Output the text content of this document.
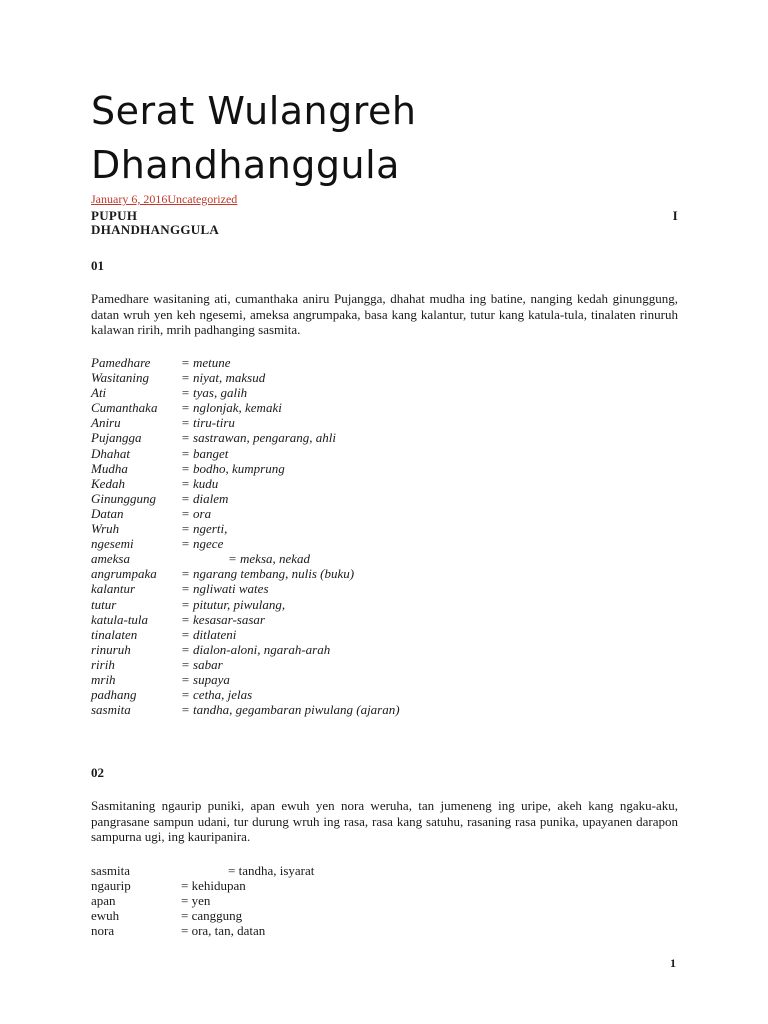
Serat Wulangreh
Dhandhanggula
January 6, 2016Uncategorized
PUPUH	I
DHANDHANGGULA
01
Pamedhare wasitaning ati, cumanthaka aniru Pujangga, dhahat mudha ing batine, nanging kedah ginunggung, datan wruh yen keh ngesemi, ameksa angrumpaka, basa kang kalantur, tutur kang katula-tula, tinalaten rinuruh kalawan ririh, mrih padhanging sasmita.
Pamedhare	= metune
Wasitaning	= niyat, maksud
Ati	= tyas, galih
Cumanthaka	= nglonjak, kemaki
Aniru	= tiru-tiru
Pujangga	= sastrawan, pengarang, ahli
Dhahat	= banget
Mudha	= bodho, kumprung
Kedah	= kudu
Ginunggung	= dialem
Datan	= ora
Wruh	= ngerti,
ngesemi	= ngece
ameksa	= meksa, nekad
angrumpaka	= ngarang tembang, nulis (buku)
kalantur	= ngliwati wates
tutur	= pitutur, piwulang,
katula-tula	= kesasar-sasar
tinalaten	= ditlateni
rinuruh	= dialon-aloni, ngarah-arah
ririh	= sabar
mrih	= supaya
padhang	= cetha, jelas
sasmita	= tandha, gegambaran piwulang (ajaran)
02
Sasmitaning ngaurip puniki, apan ewuh yen nora weruha, tan jumeneng ing uripe, akeh kang ngaku-aku, pangrasane sampun udani, tur durung wruh ing rasa, rasa kang satuhu, rasaning rasa punika, upayanen darapon sampurna ugi, ing kauripanira.
sasmita	= tandha, isyarat
ngaurip	= kehidupan
apan	= yen
ewuh	= canggung
nora	= ora, tan, datan
1
